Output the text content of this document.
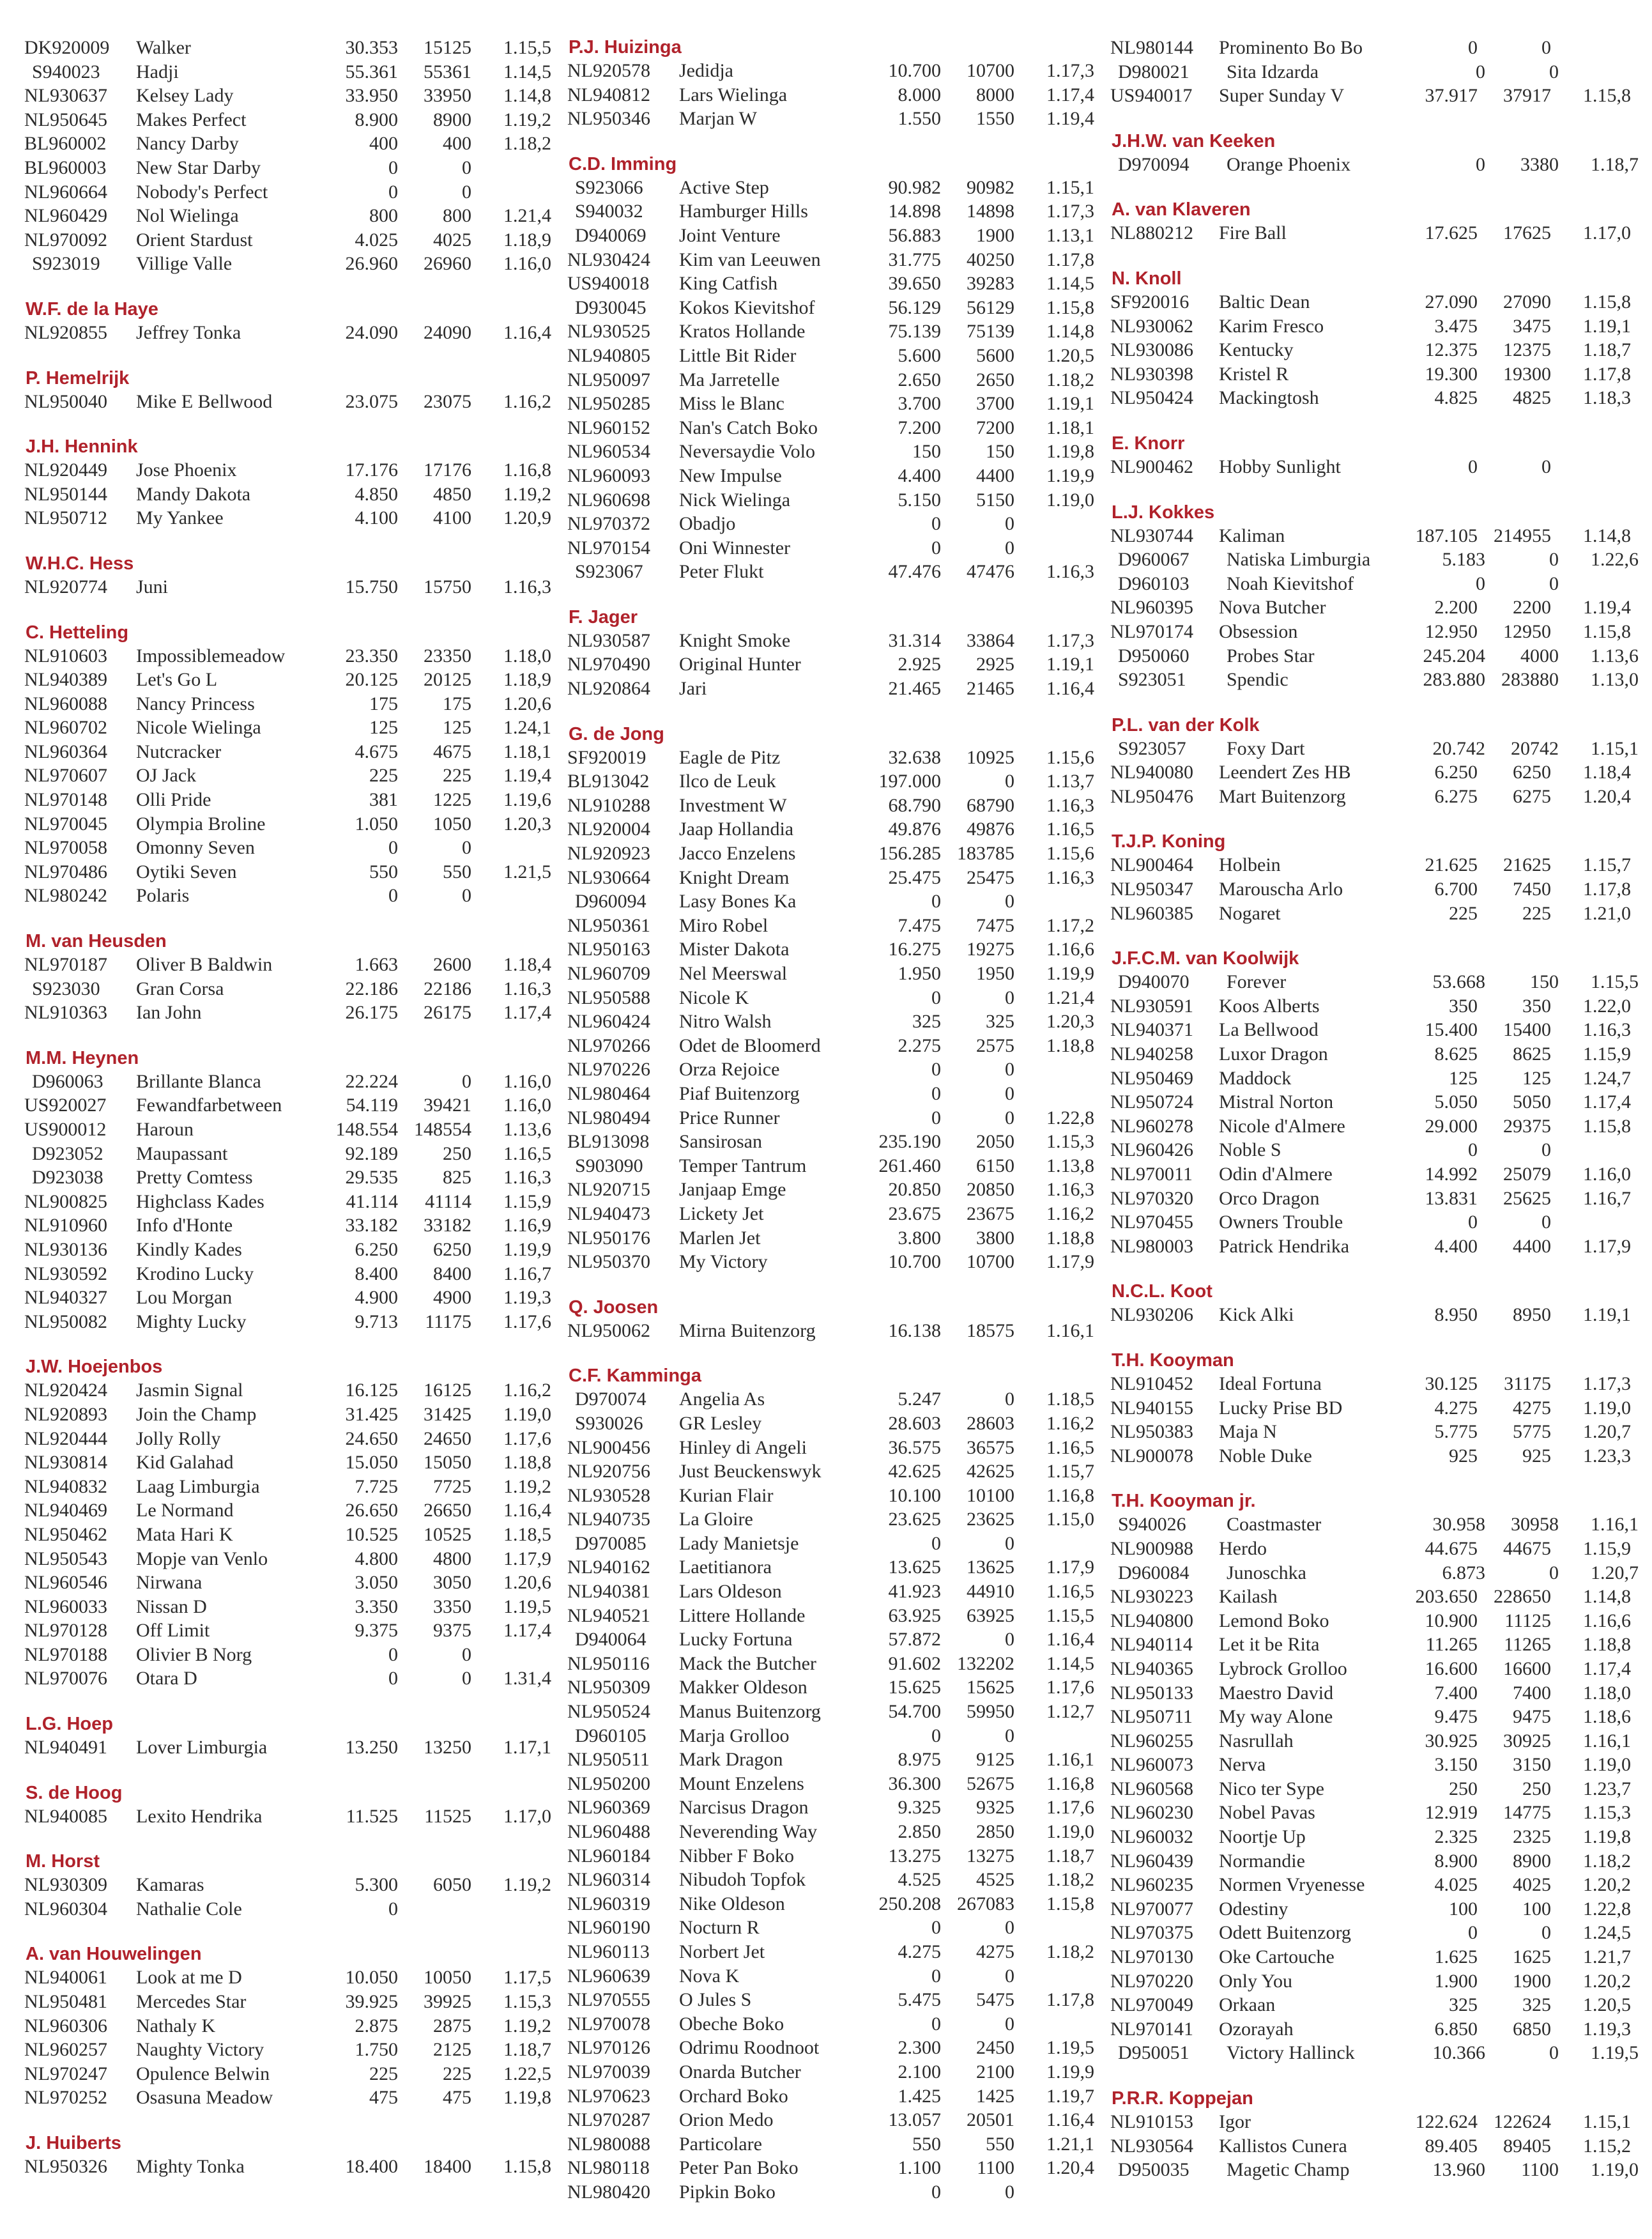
DK920009	Walker	30.353	15125	1.15,5
S940023	Hadji	55.361	55361	1.14,5
NL930637	Kelsey Lady	33.950	33950	1.14,8
NL950645	Makes Perfect	8.900	8900	1.19,2
BL960002	Nancy Darby	400	400	1.18,2
BL960003	New Star Darby	0	0
NL960664	Nobody's Perfect	0	0
NL960429	Nol Wielinga	800	800	1.21,4
NL970092	Orient Stardust	4.025	4025	1.18,9
S923019	Villige Valle	26.960	26960	1.16,0
W.F. de la Haye
NL920855	Jeffrey Tonka	24.090	24090	1.16,4
P. Hemelrijk
NL950040	Mike E Bellwood	23.075	23075	1.16,2
J.H. Hennink
NL920449	Jose Phoenix	17.176	17176	1.16,8
NL950144	Mandy Dakota	4.850	4850	1.19,2
NL950712	My Yankee	4.100	4100	1.20,9
W.H.C. Hess
NL920774	Juni	15.750	15750	1.16,3
C. Hetteling
NL910603	Impossiblemeadow	23.350	23350	1.18,0
NL940389	Let's Go L	20.125	20125	1.18,9
NL960088	Nancy Princess	175	175	1.20,6
NL960702	Nicole Wielinga	125	125	1.24,1
NL960364	Nutcracker	4.675	4675	1.18,1
NL970607	OJ Jack	225	225	1.19,4
NL970148	Olli Pride	381	1225	1.19,6
NL970045	Olympia Broline	1.050	1050	1.20,3
NL970058	Omonny Seven	0	0
NL970486	Oytiki Seven	550	550	1.21,5
NL980242	Polaris	0	0
M. van Heusden
NL970187	Oliver B Baldwin	1.663	2600	1.18,4
S923030	Gran Corsa	22.186	22186	1.16,3
NL910363	Ian John	26.175	26175	1.17,4
M.M. Heynen
D960063	Brillante Blanca	22.224	0	1.16,0
US920027	Fewandfarbetween	54.119	39421	1.16,0
US900012	Haroun	148.554 148554	1.13,6
D923052	Maupassant	92.189	250	1.16,5
D923038	Pretty Comtess	29.535	825	1.16,3
NL900825	Highclass Kades	41.114	41114	1.15,9
NL910960	Info d'Honte	33.182	33182	1.16,9
NL930136	Kindly Kades	6.250	6250	1.19,9
NL930592	Krodino Lucky	8.400	8400	1.16,7
NL940327	Lou Morgan	4.900	4900	1.19,3
NL950082	Mighty Lucky	9.713	11175	1.17,6
J.W. Hoejenbos
NL920424	Jasmin Signal	16.125	16125	1.16,2
NL920893	Join the Champ	31.425	31425	1.19,0
NL920444	Jolly Rolly	24.650	24650	1.17,6
NL930814	Kid Galahad	15.050	15050	1.18,8
NL940832	Laag Limburgia	7.725	7725	1.19,2
NL940469	Le Normand	26.650	26650	1.16,4
NL950462	Mata Hari K	10.525	10525	1.18,5
NL950543	Mopje van Venlo	4.800	4800	1.17,9
NL960546	Nirwana	3.050	3050	1.20,6
NL960033	Nissan D	3.350	3350	1.19,5
NL970128	Off Limit	9.375	9375	1.17,4
NL970188	Olivier B Norg	0	0
NL970076	Otara D	0	0	1.31,4
L.G. Hoep
NL940491	Lover Limburgia	13.250	13250	1.17,1
S. de Hoog
NL940085	Lexito Hendrika	11.525	11525	1.17,0
M. Horst
NL930309	Kamaras	5.300	6050	1.19,2
NL960304	Nathalie Cole	0
A. van Houwelingen
NL940061	Look at me D	10.050	10050	1.17,5
NL950481	Mercedes Star	39.925	39925	1.15,3
NL960306	Nathaly K	2.875	2875	1.19,2
NL960257	Naughty Victory	1.750	2125	1.18,7
NL970247	Opulence Belwin	225	225	1.22,5
NL970252	Osasuna Meadow	475	475	1.19,8
J. Huiberts
NL950326	Mighty Tonka	18.400	18400	1.15,8
P.J. Huizinga
NL920578	Jedidja	10.700	10700	1.17,3
NL940812	Lars Wielinga	8.000	8000	1.17,4
NL950346	Marjan W	1.550	1550	1.19,4
C.D. Imming
S923066	Active Step	90.982	90982	1.15,1
S940032	Hamburger Hills	14.898	14898	1.17,3
D940069	Joint Venture	56.883	1900	1.13,1
NL930424	Kim van Leeuwen	31.775	40250	1.17,8
US940018	King Catfish	39.650	39283	1.14,5
D930045	Kokos Kievitshof	56.129	56129	1.15,8
NL930525	Kratos Hollande	75.139	75139	1.14,8
NL940805	Little Bit Rider	5.600	5600	1.20,5
NL950097	Ma Jarretelle	2.650	2650	1.18,2
NL950285	Miss le Blanc	3.700	3700	1.19,1
NL960152	Nan's Catch Boko	7.200	7200	1.18,1
NL960534	Neversaydie Volo	150	150	1.19,8
NL960093	New Impulse	4.400	4400	1.19,9
NL960698	Nick Wielinga	5.150	5150	1.19,0
NL970372	Obadjo	0	0
NL970154	Oni Winnester	0	0
S923067	Peter Flukt	47.476	47476	1.16,3
F. Jager
NL930587	Knight Smoke	31.314	33864	1.17,3
NL970490	Original Hunter	2.925	2925	1.19,1
NL920864	Jari	21.465	21465	1.16,4
G. de Jong
SF920019	Eagle de Pitz	32.638	10925	1.15,6
BL913042	Ilco de Leuk	197.000	0	1.13,7
NL910288	Investment W	68.790	68790	1.16,3
NL920004	Jaap Hollandia	49.876	49876	1.16,5
NL920923	Jacco Enzelens	156.285 183785	1.15,6
NL930664	Knight Dream	25.475	25475	1.16,3
D960094	Lasy Bones Ka	0	0
NL950361	Miro Robel	7.475	7475	1.17,2
NL950163	Mister Dakota	16.275	19275	1.16,6
NL960709	Nel Meerswal	1.950	1950	1.19,9
NL950588	Nicole K	0	0	1.21,4
NL960424	Nitro Walsh	325	325	1.20,3
NL970266	Odet de Bloomerd	2.275	2575	1.18,8
NL970226	Orza Rejoice	0	0
NL980464	Piaf Buitenzorg	0	0
NL980494	Price Runner	0	0	1.22,8
BL913098	Sansirosan	235.190	2050	1.15,3
S903090	Temper Tantrum	261.460	6150	1.13,8
NL920715	Janjaap Emge	20.850	20850	1.16,3
NL940473	Lickety Jet	23.675	23675	1.16,2
NL950176	Marlen Jet	3.800	3800	1.18,8
NL950370	My Victory	10.700	10700	1.17,9
Q. Joosen
NL950062	Mirna Buitenzorg	16.138	18575	1.16,1
C.F. Kamminga
D970074	Angelia As	5.247	0	1.18,5
S930026	GR Lesley	28.603	28603	1.16,2
NL900456	Hinley di Angeli	36.575	36575	1.16,5
NL920756	Just Beuckenswyk	42.625	42625	1.15,7
NL930528	Kurian Flair	10.100	10100	1.16,8
NL940735	La Gloire	23.625	23625	1.15,0
D970085	Lady Manietsje	0	0
NL940162	Laetitianora	13.625	13625	1.17,9
NL940381	Lars Oldeson	41.923	44910	1.16,5
NL940521	Littere Hollande	63.925	63925	1.15,5
D940064	Lucky Fortuna	57.872	0	1.16,4
NL950116	Mack the Butcher	91.602 132202	1.14,5
NL950309	Makker Oldeson	15.625	15625	1.17,6
NL950524	Manus Buitenzorg	54.700	59950	1.12,7
D960105	Marja Grolloo	0	0
NL950511	Mark Dragon	8.975	9125	1.16,1
NL950200	Mount Enzelens	36.300	52675	1.16,8
NL960369	Narcisus Dragon	9.325	9325	1.17,6
NL960488	Neverending Way	2.850	2850	1.19,0
NL960184	Nibber F Boko	13.275	13275	1.18,7
NL960314	Nibudoh Topfok	4.525	4525	1.18,2
NL960319	Nike Oldeson	250.208 267083	1.15,8
NL960190	Nocturn R	0	0
NL960113	Norbert Jet	4.275	4275	1.18,2
NL960639	Nova K	0	0
NL970555	O Jules S	5.475	5475	1.17,8
NL970078	Obeche Boko	0	0
NL970126	Odrimu Roodnoot	2.300	2450	1.19,5
NL970039	Onarda Butcher	2.100	2100	1.19,9
NL970623	Orchard Boko	1.425	1425	1.19,7
NL970287	Orion Medo	13.057	20501	1.16,4
NL980088	Particolare	550	550	1.21,1
NL980118	Peter Pan Boko	1.100	1100	1.20,4
NL980420	Pipkin Boko	0	0
NL980144	Prominento Bo Bo	0	0
D980021	Sita Idzarda	0	0
US940017	Super Sunday V	37.917	37917	1.15,8
J.H.W. van Keeken
D970094	Orange Phoenix	0	3380	1.18,7
A. van Klaveren
NL880212	Fire Ball	17.625	17625	1.17,0
N. Knoll
SF920016	Baltic Dean	27.090	27090	1.15,8
NL930062	Karim Fresco	3.475	3475	1.19,1
NL930086	Kentucky	12.375	12375	1.18,7
NL930398	Kristel R	19.300	19300	1.17,8
NL950424	Mackingtosh	4.825	4825	1.18,3
E. Knorr
NL900462	Hobby Sunlight	0	0
L.J. Kokkes
NL930744	Kaliman	187.105 214955	1.14,8
D960067	Natiska Limburgia	5.183	0	1.22,6
D960103	Noah Kievitshof	0	0
NL960395	Nova Butcher	2.200	2200	1.19,4
NL970174	Obsession	12.950	12950	1.15,8
D950060	Probes Star	245.204	4000	1.13,6
S923051	Spendic	283.880 283880	1.13,0
P.L. van der Kolk
S923057	Foxy Dart	20.742	20742	1.15,1
NL940080	Leendert Zes HB	6.250	6250	1.18,4
NL950476	Mart Buitenzorg	6.275	6275	1.20,4
T.J.P. Koning
NL900464	Holbein	21.625	21625	1.15,7
NL950347	Marouscha Arlo	6.700	7450	1.17,8
NL960385	Nogaret	225	225	1.21,0
J.F.C.M. van Koolwijk
D940070	Forever	53.668	150	1.15,5
NL930591	Koos Alberts	350	350	1.22,0
NL940371	La Bellwood	15.400	15400	1.16,3
NL940258	Luxor Dragon	8.625	8625	1.15,9
NL950469	Maddock	125	125	1.24,7
NL950724	Mistral Norton	5.050	5050	1.17,4
NL960278	Nicole d'Almere	29.000	29375	1.15,8
NL960426	Noble S	0	0
NL970011	Odin d'Almere	14.992	25079	1.16,0
NL970320	Orco Dragon	13.831	25625	1.16,7
NL970455	Owners Trouble	0	0
NL980003	Patrick Hendrika	4.400	4400	1.17,9
N.C.L. Koot
NL930206	Kick Alki	8.950	8950	1.19,1
T.H. Kooyman
NL910452	Ideal Fortuna	30.125	31175	1.17,3
NL940155	Lucky Prise BD	4.275	4275	1.19,0
NL950383	Maja N	5.775	5775	1.20,7
NL900078	Noble Duke	925	925	1.23,3
T.H. Kooyman jr.
S940026	Coastmaster	30.958	30958	1.16,1
NL900988	Herdo	44.675	44675	1.15,9
D960084	Junoschka	6.873	0	1.20,7
NL930223	Kailash	203.650 228650	1.14,8
NL940800	Lemond Boko	10.900	11125	1.16,6
NL940114	Let it be Rita	11.265	11265	1.18,8
NL940365	Lybrock Grolloo	16.600	16600	1.17,4
NL950133	Maestro David	7.400	7400	1.18,0
NL950711	My way Alone	9.475	9475	1.18,6
NL960255	Nasrullah	30.925	30925	1.16,1
NL960073	Nerva	3.150	3150	1.19,0
NL960568	Nico ter Sype	250	250	1.23,7
NL960230	Nobel Pavas	12.919	14775	1.15,3
NL960032	Noortje Up	2.325	2325	1.19,8
NL960439	Normandie	8.900	8900	1.18,2
NL960235	Normen Vryenesse	4.025	4025	1.20,2
NL970077	Odestiny	100	100	1.22,8
NL970375	Odett Buitenzorg	0	0	1.24,5
NL970130	Oke Cartouche	1.625	1625	1.21,7
NL970220	Only You	1.900	1900	1.20,2
NL970049	Orkaan	325	325	1.20,5
NL970141	Ozorayah	6.850	6850	1.19,3
D950051	Victory Hallinck	10.366	0	1.19,5
P.R.R. Koppejan
NL910153	Igor	122.624 122624	1.15,1
NL930564	Kallistos Cunera	89.405	89405	1.15,2
D950035	Magetic Champ	13.960	1100	1.19,0
